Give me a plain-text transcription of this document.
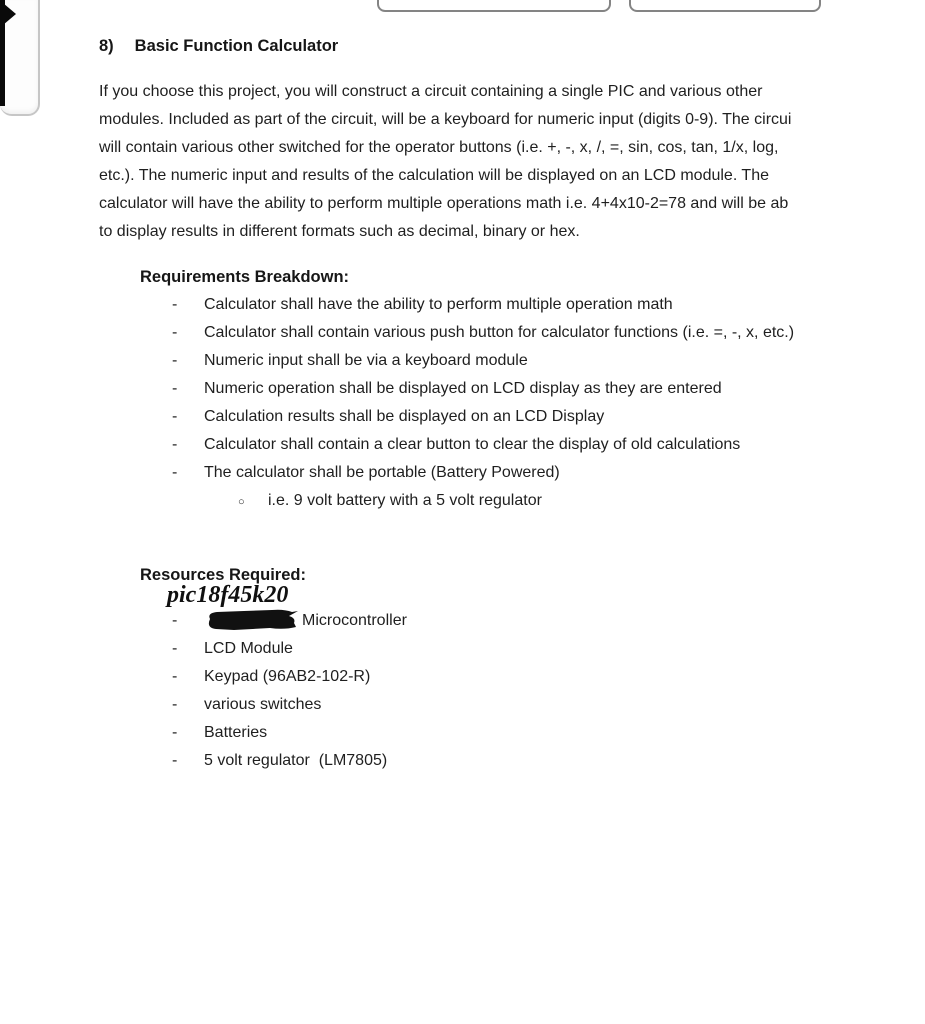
8) Basic Function Calculator
If you choose this project, you will construct a circuit containing a single PIC and various other
modules. Included as part of the circuit, will be a keyboard for numeric input (digits 0-9). The circui
will contain various other switched for the operator buttons (i.e. +, -, x, /, =, sin, cos, tan, 1/x, log,
etc.). The numeric input and results of the calculation will be displayed on an LCD module. The
calculator will have the ability to perform multiple operations math i.e. 4+4x10-2=78 and will be ab
to display results in different formats such as decimal, binary or hex.
Requirements Breakdown:
-	Calculator shall have the ability to perform multiple operation math
-	Calculator shall contain various push button for calculator functions (i.e. =, -, x, etc.)
-	Numeric input shall be via a keyboard module
-	Numeric operation shall be displayed on LCD display as they are entered
-	Calculation results shall be displayed on an LCD Display
-	Calculator shall contain a clear button to clear the display of old calculations
-	The calculator shall be portable (Battery Powered)
○	i.e. 9 volt battery with a 5 volt regulator
Resources Required:
pic18f45k20
-	Microcontroller
-	LCD Module
-	Keypad (96AB2-102-R)
-	various switches
-	Batteries
-	5 volt regulator  (LM7805)
